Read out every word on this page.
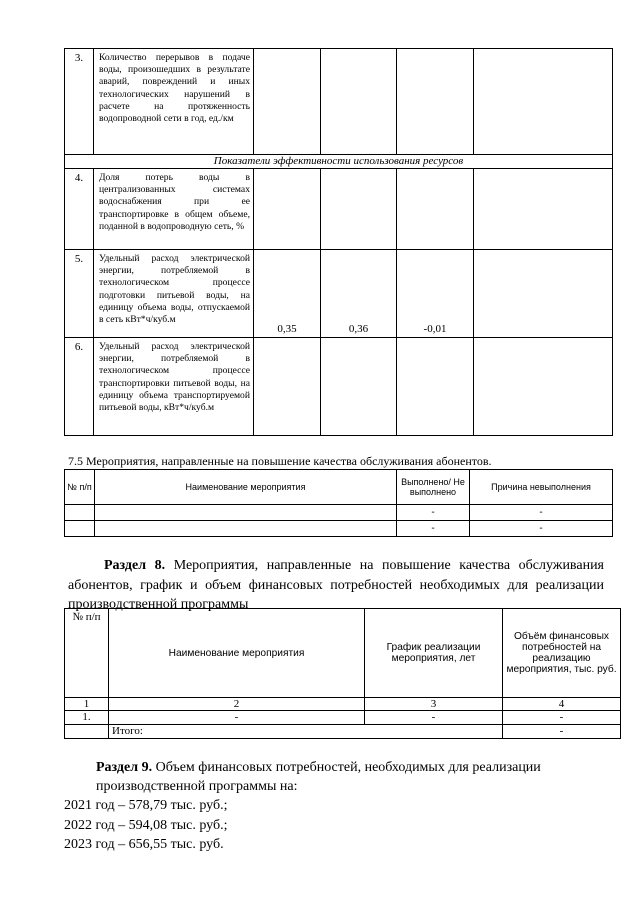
3.	Количество перерывов в подаче воды, произошедших в результате аварий, повреждений и иных технологических нарушений в расчете на протяженность водопроводной сети в год, ед./км				
Показатели эффективности использования ресурсов					
4.	Доля потерь воды в централизованных системах водоснабжения при ее транспортировке в общем объеме, поданной в водопроводную сеть, %				
5.	Удельный расход электрической энергии, потребляемой в технологическом процессе подготовки питьевой воды, на единицу объема воды, отпускаемой в сеть кВт*ч/куб.м	0,35	0,36	-0,01	
6.	Удельный расход электрической энергии, потребляемой в технологическом процессе транспортировки питьевой воды, на единицу объема транспортируемой питьевой воды, кВт*ч/куб.м				
7.5 Мероприятия, направленные на повышение качества обслуживания абонентов.
№ п/п	Наименование мероприятия	Выполнено/ Не выполнено	Причина невыполнения
		-	-
		-	-
Раздел 8. Мероприятия, направленные на повышение качества обслуживания абонентов, график и объем финансовых потребностей необходимых для реализации производственной программы
№ п/п	Наименование мероприятия	График реализации мероприятия, лет	Объём финансовых потребностей на реализацию мероприятия, тыс. руб.
1	2	3	4
1.	-	-	-
	Итого:		-
Раздел 9. Объем финансовых потребностей, необходимых для реализации производственной программы на:
2021 год – 578,79 тыс. руб.;
2022 год – 594,08 тыс. руб.;
2023 год – 656,55 тыс. руб.
